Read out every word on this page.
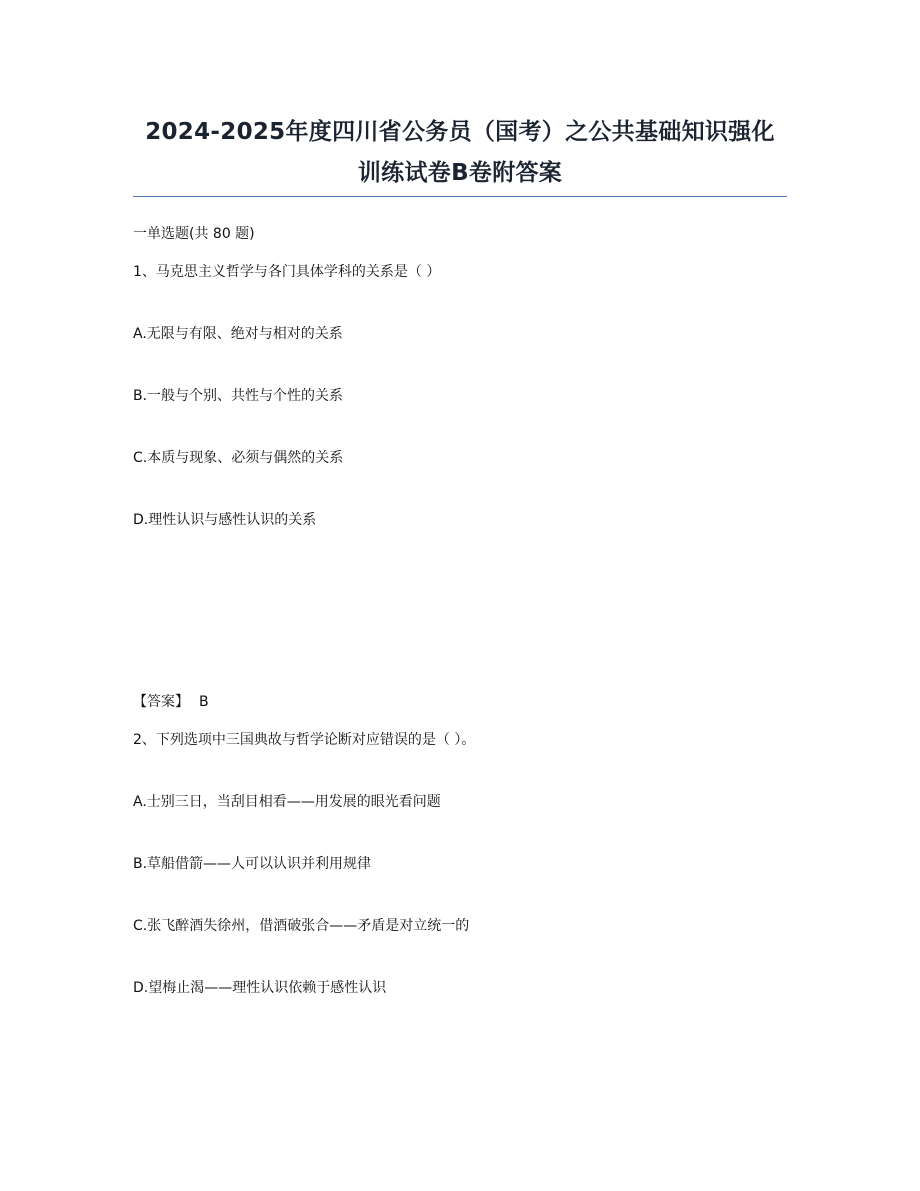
2024-2025年度四川省公务员（国考）之公共基础知识强化
训练试卷B卷附答案
一单选题(共 80 题)
1、马克思主义哲学与各门具体学科的关系是（ ）
A.无限与有限、绝对与相对的关系
B.一般与个别、共性与个性的关系
C.本质与现象、必须与偶然的关系
D.理性认识与感性认识的关系
【答案】 B
2、下列选项中三国典故与哲学论断对应错误的是（ ）。
A.士别三日，当刮目相看——用发展的眼光看问题
B.草船借箭——人可以认识并利用规律
C.张飞醉酒失徐州，借酒破张合——矛盾是对立统一的
D.望梅止渴——理性认识依赖于感性认识
